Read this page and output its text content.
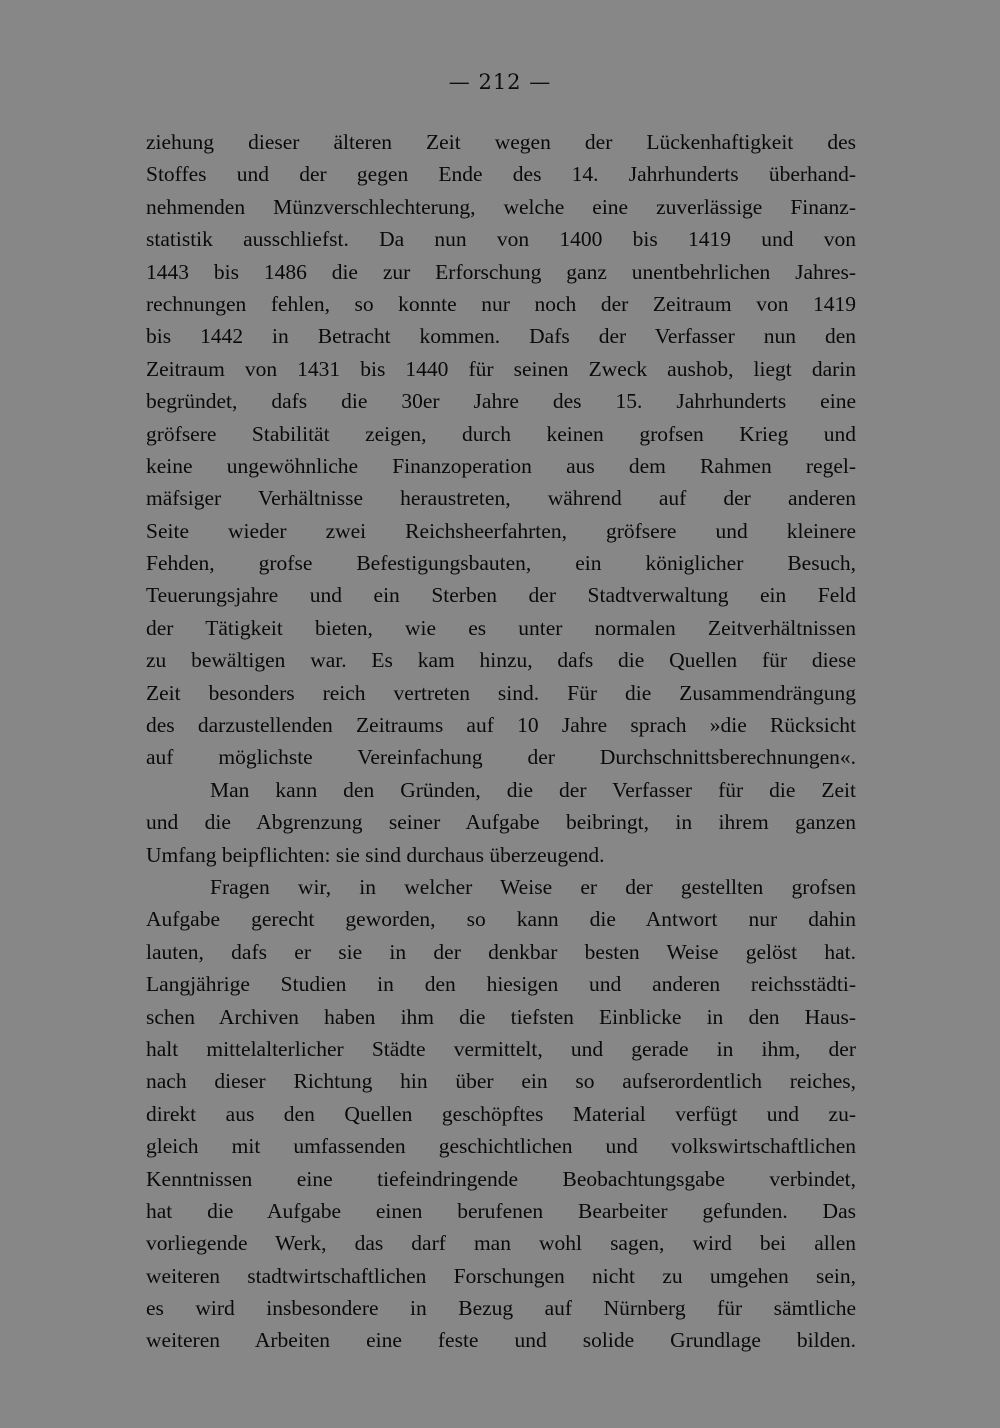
— 212 —
ziehung dieser älteren Zeit wegen der Lückenhaftigkeit des
Stoffes und der gegen Ende des 14. Jahrhunderts überhand-
nehmenden Münzverschlechterung, welche eine zuverlässige Finanz-
statistik ausschliefst. Da nun von 1400 bis 1419 und von
1443 bis 1486 die zur Erforschung ganz unentbehrlichen Jahres-
rechnungen fehlen, so konnte nur noch der Zeitraum von 1419
bis 1442 in Betracht kommen. Dafs der Verfasser nun den
Zeitraum von 1431 bis 1440 für seinen Zweck aushob, liegt darin
begründet, dafs die 30er Jahre des 15. Jahrhunderts eine
gröfsere Stabilität zeigen, durch keinen grofsen Krieg und
keine ungewöhnliche Finanzoperation aus dem Rahmen regel-
mäfsiger Verhältnisse heraustreten, während auf der anderen
Seite wieder zwei Reichsheerfahrten, gröfsere und kleinere
Fehden, grofse Befestigungsbauten, ein königlicher Besuch,
Teuerungsjahre und ein Sterben der Stadtverwaltung ein Feld
der Tätigkeit bieten, wie es unter normalen Zeitverhältnissen
zu bewältigen war. Es kam hinzu, dafs die Quellen für diese
Zeit besonders reich vertreten sind. Für die Zusammendrängung
des darzustellenden Zeitraums auf 10 Jahre sprach »die Rücksicht
auf möglichste Vereinfachung der Durchschnittsberechnungen«.
Man kann den Gründen, die der Verfasser für die Zeit
und die Abgrenzung seiner Aufgabe beibringt, in ihrem ganzen
Umfang beipflichten: sie sind durchaus überzeugend.
Fragen wir, in welcher Weise er der gestellten grofsen
Aufgabe gerecht geworden, so kann die Antwort nur dahin
lauten, dafs er sie in der denkbar besten Weise gelöst hat.
Langjährige Studien in den hiesigen und anderen reichsstädti-
schen Archiven haben ihm die tiefsten Einblicke in den Haus-
halt mittelalterlicher Städte vermittelt, und gerade in ihm, der
nach dieser Richtung hin über ein so aufserordentlich reiches,
direkt aus den Quellen geschöpftes Material verfügt und zu-
gleich mit umfassenden geschichtlichen und volkswirtschaftlichen
Kenntnissen eine tiefeindringende Beobachtungsgabe verbindet,
hat die Aufgabe einen berufenen Bearbeiter gefunden. Das
vorliegende Werk, das darf man wohl sagen, wird bei allen
weiteren stadtwirtschaftlichen Forschungen nicht zu umgehen sein,
es wird insbesondere in Bezug auf Nürnberg für sämtliche
weiteren Arbeiten eine feste und solide Grundlage bilden.
